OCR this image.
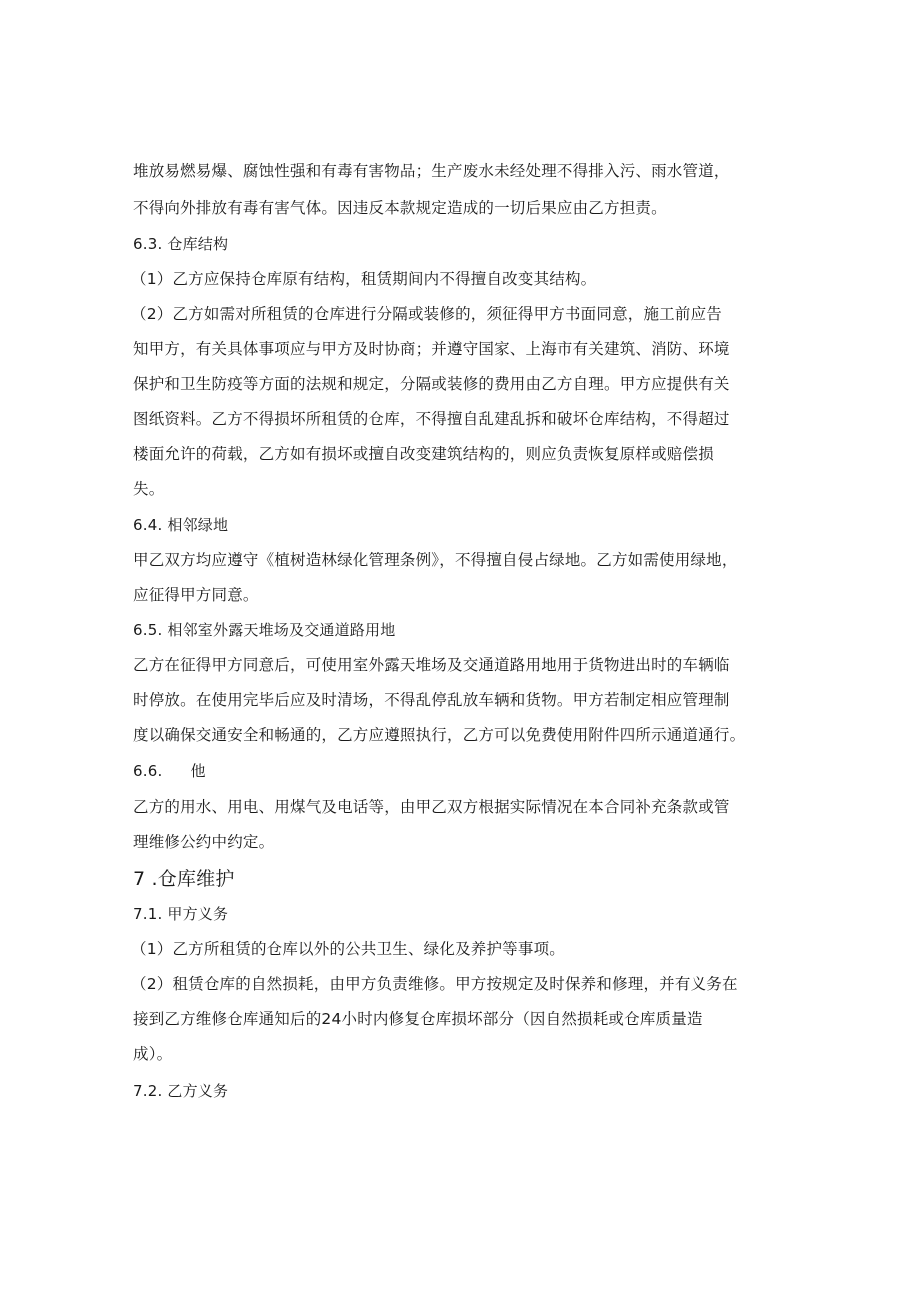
堆放易燃易爆、腐蚀性强和有毒有害物品；生产废水未经处理不得排入污、雨水管道，
不得向外排放有毒有害气体。因违反本款规定造成的一切后果应由乙方担责。
6.3. 仓库结构
（1）乙方应保持仓库原有结构，租赁期间内不得擅自改变其结构。
（2）乙方如需对所租赁的仓库进行分隔或装修的，须征得甲方书面同意，施工前应告
知甲方，有关具体事项应与甲方及时协商；并遵守国家、上海市有关建筑、消防、环境
保护和卫生防疫等方面的法规和规定，分隔或装修的费用由乙方自理。甲方应提供有关
图纸资料。乙方不得损坏所租赁的仓库，不得擅自乱建乱拆和破坏仓库结构，不得超过
楼面允许的荷载，乙方如有损坏或擅自改变建筑结构的，则应负责恢复原样或赔偿损
失。
6.4. 相邻绿地
甲乙双方均应遵守《植树造林绿化管理条例》，不得擅自侵占绿地。乙方如需使用绿地，
应征得甲方同意。
6.5. 相邻室外露天堆场及交通道路用地
乙方在征得甲方同意后，可使用室外露天堆场及交通道路用地用于货物进出时的车辆临
时停放。在使用完毕后应及时清场，不得乱停乱放车辆和货物。甲方若制定相应管理制
度以确保交通安全和畅通的，乙方应遵照执行，乙方可以免费使用附件四所示通道通行。
6.6. 他
乙方的用水、用电、用煤气及电话等，由甲乙双方根据实际情况在本合同补充条款或管
理维修公约中约定。
7 .仓库维护
7.1. 甲方义务
（1）乙方所租赁的仓库以外的公共卫生、绿化及养护等事项。
（2）租赁仓库的自然损耗，由甲方负责维修。甲方按规定及时保养和修理，并有义务在
接到乙方维修仓库通知后的24小时内修复仓库损坏部分（因自然损耗或仓库质量造
成）。
7.2. 乙方义务
